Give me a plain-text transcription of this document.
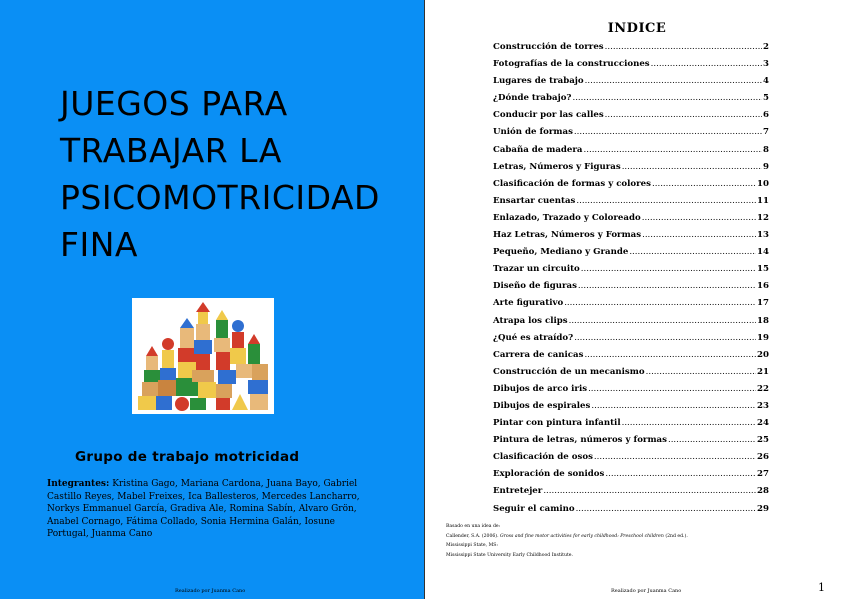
JUEGOS PARA
TRABAJAR LA
PSICOMOTRICIDAD
FINA
Grupo de trabajo motricidad

Integrantes: Kristina Gago, Mariana Cardona, Juana Bayo, Gabriel Castillo Reyes, Mabel Freixes, Ica Ballesteros, Mercedes Lancharro, Norkys Emmanuel García, Gradiva Ale, Romina Sabín, Alvaro Grön, Anabel Cornago, Fátima Collado, Sonia Hermina Galán, Iosune Portugal, Juanma Cano

Realizado por Juanma Cano
INDICE
Construcción de torres .....	2
Fotografías de la construcciones .....	3
Lugares de trabajo .....	4
¿Dónde trabajo? .....	5
Conducir por las calles .....	6
Unión de formas .....	7
Cabaña de madera .....	8
Letras, Números y Figuras .....	9
Clasificación de formas y colores .....	10
Ensartar cuentas .....	11
Enlazado, Trazado y Coloreado .....	12
Haz Letras, Números y Formas .....	13
Pequeño, Mediano y Grande .....	14
Trazar un circuito .....	15
Diseño de figuras .....	16
Arte figurativo .....	17
Atrapa los clips .....	18
¿Qué es atraído? .....	19
Carrera de canicas .....	20
Construcción de un mecanismo .....	21
Dibujos de arco iris .....	22
Dibujos de espirales .....	23
Pintar con pintura infantil .....	24
Pintura de letras, números y formas .....	25
Clasificación de osos .....	26
Exploración de sonidos .....	27
Entretejer .....	28
Seguir el camino .....	29
Basado en una idea de:
Callender, S.A. (2006). Gross and fine motor activities for early childhood: Preschool children (2nd ed.). Mississippi State, MS:
Mississippi State University Early Childhood Institute.
Realizado por Juanma Cano	1
